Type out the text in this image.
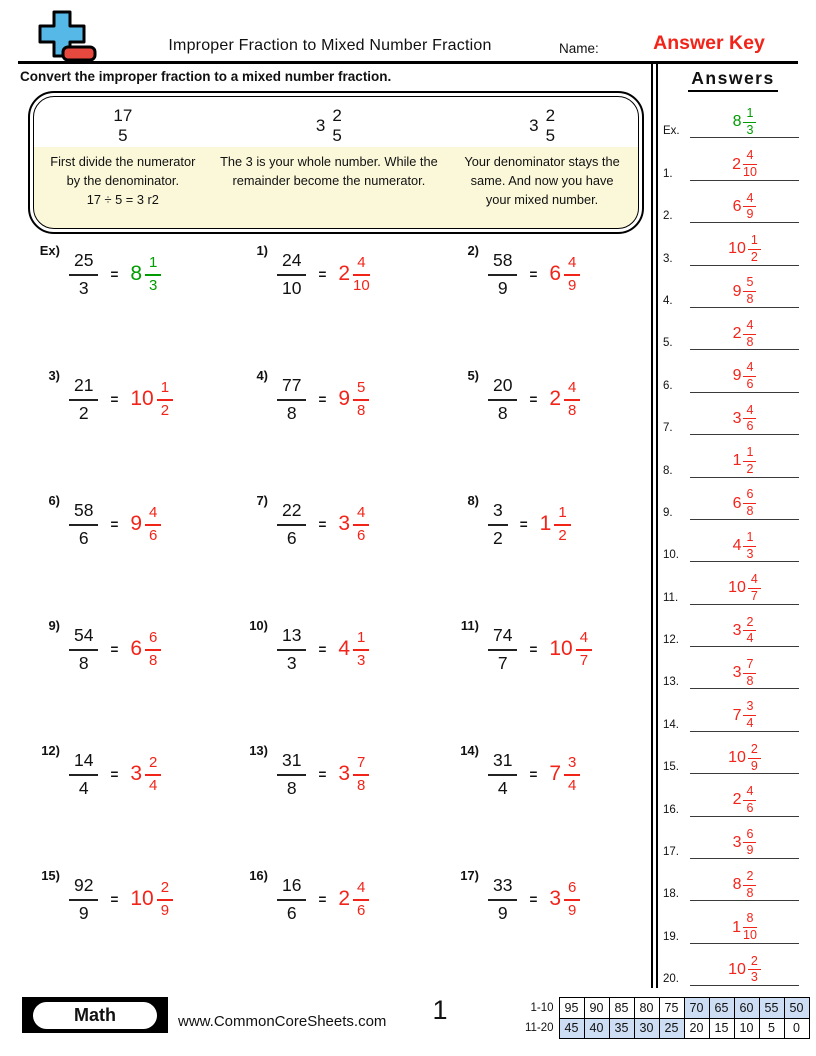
Improper Fraction to Mixed Number Fraction	Name:	Answer Key
Convert the improper fraction to a mixed number fraction.
17
5
First divide the numerator by the denominator.
17 ÷ 5 = 3 r2
3
2
5
The 3 is your whole number. While the remainder become the numerator.
3
2
5
Your denominator stays the same. And now you have your mixed number.
$Ex) \frac{25}{3} = 8 \frac{1}{3}$
$1) \frac{24}{10} = 2 \frac{4}{10}$
$2) \frac{58}{9} = 6 \frac{4}{9}$
$3) \frac{21}{2} = 10 \frac{1}{2}$
$4) \frac{77}{8} = 9 \frac{5}{8}$
$5) \frac{20}{8} = 2 \frac{4}{8}$
$6) \frac{58}{6} = 9 \frac{4}{6}$
$7) \frac{22}{6} = 3 \frac{4}{6}$
$8) \frac{3}{2} = 1 \frac{1}{2}$
$9) \frac{54}{8} = 6 \frac{6}{8}$
$10) \frac{13}{3} = 4 \frac{1}{3}$
$11) \frac{74}{7} = 10 \frac{4}{7}$
$12) \frac{14}{4} = 3 \frac{2}{4}$
$13) \frac{31}{8} = 3 \frac{7}{8}$
$14) \frac{31}{4} = 7 \frac{3}{4}$
$15) \frac{92}{9} = 10 \frac{2}{9}$
$16) \frac{16}{6} = 2 \frac{4}{6}$
$17) \frac{33}{9} = 3 \frac{6}{9}$
Answers
Ex.
$8 \frac{1}{3}$
1.
$2 \frac{4}{10}$
2.
$6 \frac{4}{9}$
3.
$10 \frac{1}{2}$
4.
$9 \frac{5}{8}$
5.
$2 \frac{4}{8}$
6.
$9 \frac{4}{6}$
7.
$3 \frac{4}{6}$
8.
$1 \frac{1}{2}$
9.
$6 \frac{6}{8}$
10.
$4 \frac{1}{3}$
11.
$10 \frac{4}{7}$
12.
$3 \frac{2}{4}$
13.
$3 \frac{7}{8}$
14.
$7 \frac{3}{4}$
15.
$10 \frac{2}{9}$
16.
$2 \frac{4}{6}$
17.
$3 \frac{6}{9}$
18.
$8 \frac{2}{8}$
19.
$1 \frac{8}{10}$
20.
$10 \frac{2}{3}$
Math	www.CommonCoreSheets.com	1	1-10	95	90	85	80	75	70	65	60	55	50
11-20	45	40	35	30	25	20	15	10	5	0
